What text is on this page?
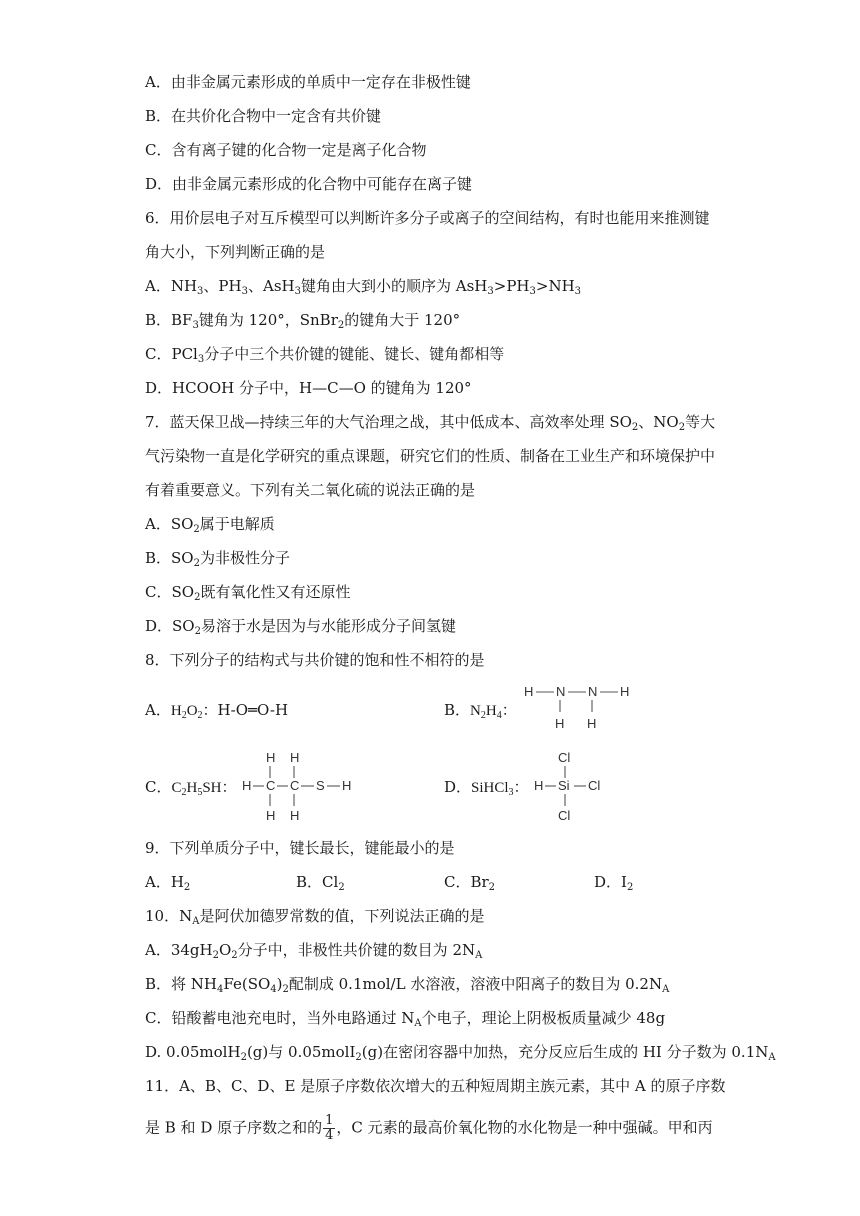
A．由非金属元素形成的单质中一定存在非极性键
B．在共价化合物中一定含有共价键
C．含有离子键的化合物一定是离子化合物
D．由非金属元素形成的化合物中可能存在离子键
6．用价层电子对互斥模型可以判断许多分子或离子的空间结构，有时也能用来推测键
角大小，下列判断正确的是
A．$NH_3$、$PH_3$、AsH$_3$键角由大到小的顺序为 $AsH_3>PH_3>NH_3$
B．$BF_3$键角为 120°，SnBr$_2$的键角大于 120°
C．PCl$_3$分子中三个共价键的键能、键长、键角都相等
D．HCOOH 分子中，H—C—O 的键角为 120°
7．蓝天保卫战—持续三年的大气治理之战，其中低成本、高效率处理 $SO_2$、$NO_2$等大
气污染物一直是化学研究的重点课题，研究它们的性质、制备在工业生产和环境保护中
有着重要意义。下列有关二氧化硫的说法正确的是
A．$SO_2$属于电解质
B．$SO_2$为非极性分子
C．$SO_2$既有氧化性又有还原性
D．$SO_2$易溶于水是因为与水能形成分子间氢键
8．下列分子的结构式与共价键的饱和性不相符的是
A．$H_2O_2$：H-O═O-H	B．$N_2H_4$：
H N N H
H H
C．$C_2H_5SH$：
H H
H C C S H
H H
D．SiHCl$_3$：
Cl
H Si Cl
Cl
9．下列单质分子中，键长最长，键能最小的是
A．$H_2$	B．$Cl_2$	C．$Br_2$	D．$I_2$
10．$N_A$是阿伏加德罗常数的值，下列说法正确的是
A．$34gH_2O_2$分子中，非极性共价键的数目为 $2N_A$
B．将 $NH_4Fe(SO_4)_2$配制成 0.1mol/L 水溶液，溶液中阳离子的数目为 $0.2N_A$
C．铅酸蓄电池充电时，当外电路通过 $N_A$个电子，理论上阴极板质量减少 48g
D. 0.05molH$_2$(g)与 0.05molI$_2$(g)在密闭容器中加热，充分反应后生成的 HI 分子数为 $0.1N_A$
11．A、B、C、D、E 是原子序数依次增大的五种短周期主族元素，其中 A 的原子序数
是 B 和 D 原子序数之和的 $\frac{1}{4}$ ，C 元素的最高价氧化物的水化物是一种中强碱。甲和丙
